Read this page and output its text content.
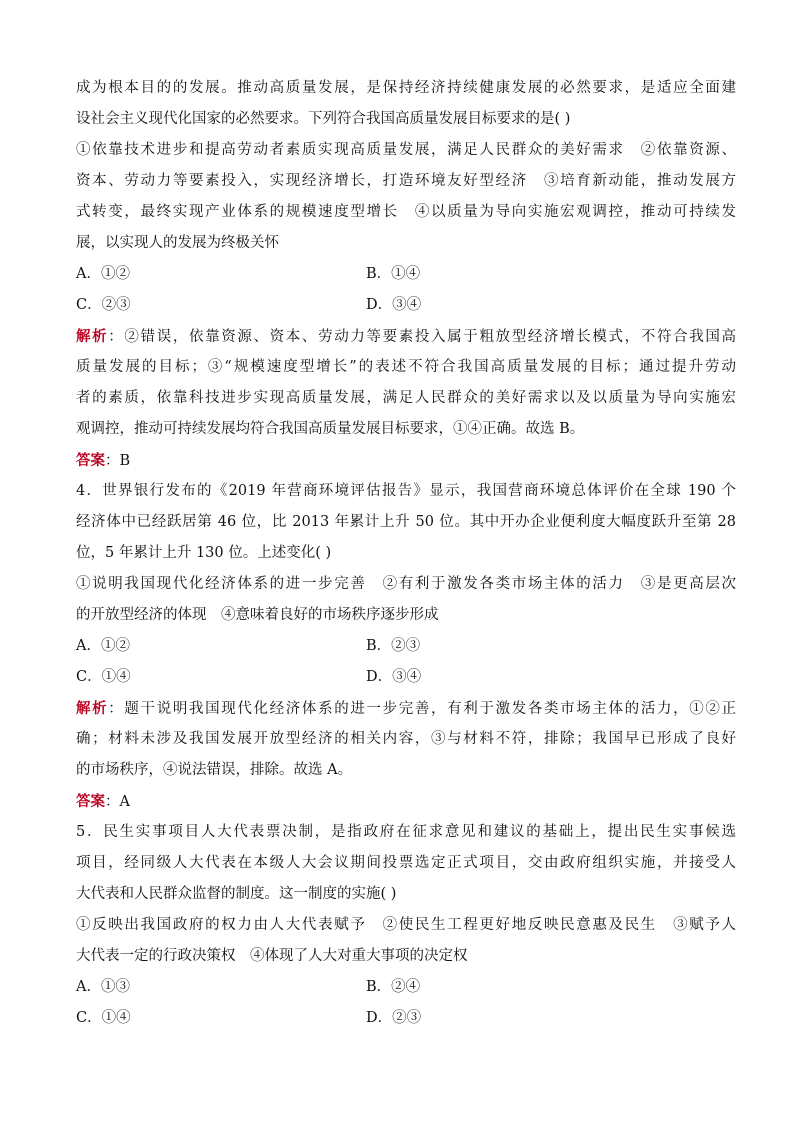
成为根本目的的发展。推动高质量发展，是保持经济持续健康发展的必然要求，是适应全面建
设社会主义现代化国家的必然要求。下列符合我国高质量发展目标要求的是( )
①依靠技术进步和提高劳动者素质实现高质量发展，满足人民群众的美好需求　②依靠资源、
资本、劳动力等要素投入，实现经济增长，打造环境友好型经济　③培育新动能，推动发展方
式转变，最终实现产业体系的规模速度型增长　④以质量为导向实施宏观调控，推动可持续发
展，以实现人的发展为终极关怀
A．①②	B．①④
C．②③	D．③④
解析：②错误，依靠资源、资本、劳动力等要素投入属于粗放型经济增长模式，不符合我国高
质量发展的目标；③“规模速度型增长”的表述不符合我国高质量发展的目标；通过提升劳动
者的素质，依靠科技进步实现高质量发展，满足人民群众的美好需求以及以质量为导向实施宏
观调控，推动可持续发展均符合我国高质量发展目标要求，①④正确。故选 B。
答案：B
4．世界银行发布的《2019 年营商环境评估报告》显示，我国营商环境总体评价在全球 190 个
经济体中已经跃居第 46 位，比 2013 年累计上升 50 位。其中开办企业便利度大幅度跃升至第 28
位，5 年累计上升 130 位。上述变化( )
①说明我国现代化经济体系的进一步完善　②有利于激发各类市场主体的活力　③是更高层次
的开放型经济的体现　④意味着良好的市场秩序逐步形成
A．①②	B．②③
C．①④	D．③④
解析：题干说明我国现代化经济体系的进一步完善，有利于激发各类市场主体的活力，①②正
确；材料未涉及我国发展开放型经济的相关内容，③与材料不符，排除；我国早已形成了良好
的市场秩序，④说法错误，排除。故选 A。
答案：A
5．民生实事项目人大代表票决制，是指政府在征求意见和建议的基础上，提出民生实事候选
项目，经同级人大代表在本级人大会议期间投票选定正式项目，交由政府组织实施，并接受人
大代表和人民群众监督的制度。这一制度的实施( )
①反映出我国政府的权力由人大代表赋予　②使民生工程更好地反映民意惠及民生　③赋予人
大代表一定的行政决策权　④体现了人大对重大事项的决定权
A．①③	B．②④
C．①④	D．②③
